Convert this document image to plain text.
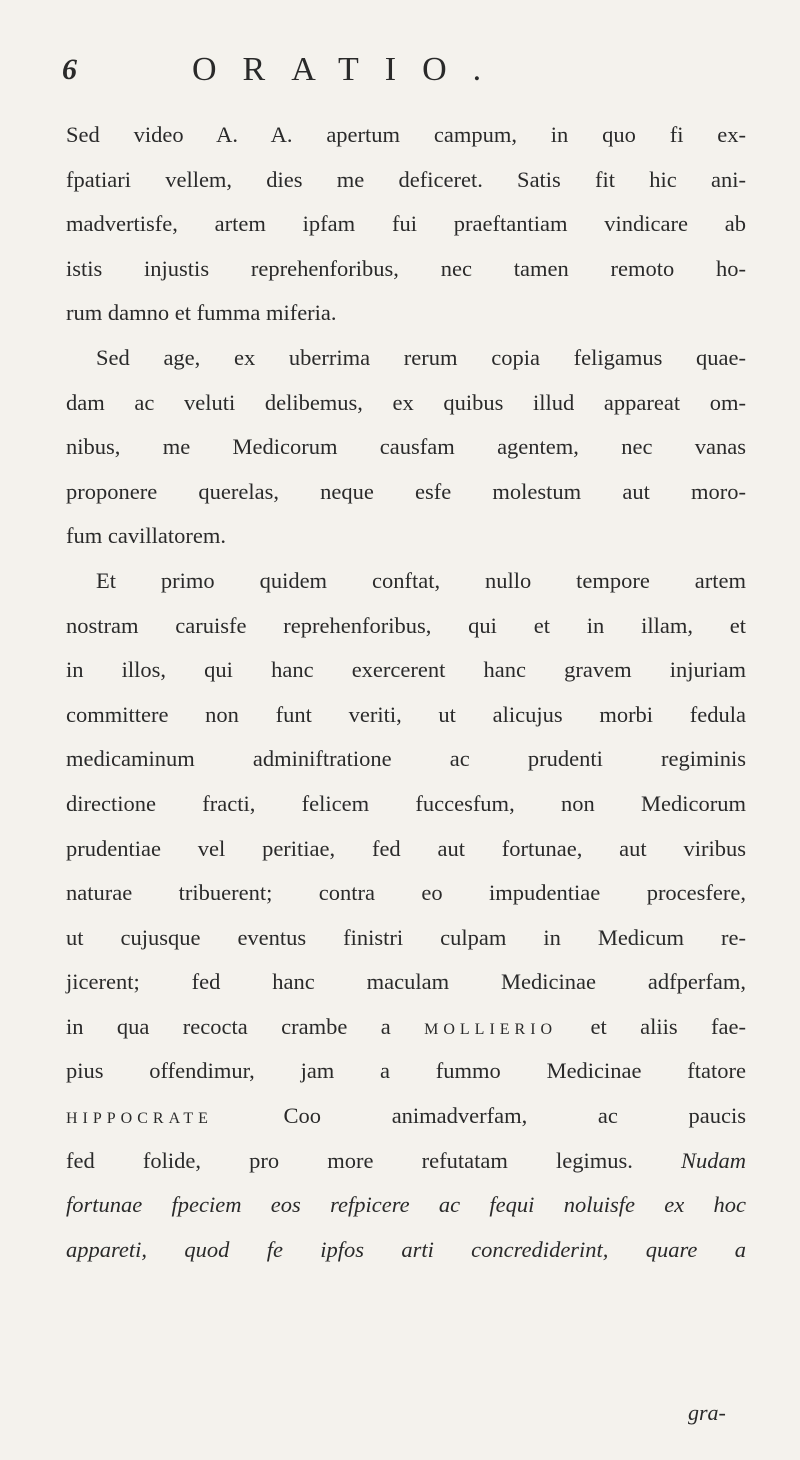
6	ORATIO.
Sed video A. A. apertum campum, in quo fi ex-
fpatiari vellem, dies me deficeret. Satis fit hic ani-
madvertisfe, artem ipfam fui praeftantiam vindicare ab
istis injustis reprehenforibus, nec tamen remoto ho-
rum damno et fumma miferia.
Sed age, ex uberrima rerum copia feligamus quae-
dam ac veluti delibemus, ex quibus illud appareat om-
nibus, me Medicorum causfam agentem, nec vanas
proponere querelas, neque esfe molestum aut moro-
fum cavillatorem.
Et primo quidem conftat, nullo tempore artem
nostram caruisfe reprehenforibus, qui et in illam, et
in illos, qui hanc exercerent hanc gravem injuriam
committere non funt veriti, ut alicujus morbi fedula
medicaminum adminiftratione ac prudenti regiminis
directione fracti, felicem fuccesfum, non Medicorum
prudentiae vel peritiae, fed aut fortunae, aut viribus
naturae tribuerent; contra eo impudentiae procesfere,
ut cujusque eventus finistri culpam in Medicum re-
jicerent; fed hanc maculam Medicinae adfperfam,
in qua recocta crambe a MOLLIERIO et aliis fae-
pius offendimur, jam a fummo Medicinae ftatore
HIPPOCRATE Coo animadverfam, ac paucis
fed folide, pro more refutatam legimus. Nudam
fortunae fpeciem eos refpicere ac fequi noluisfe ex hoc
appareti, quod fe ipfos arti concrediderint, quare a
gra-
